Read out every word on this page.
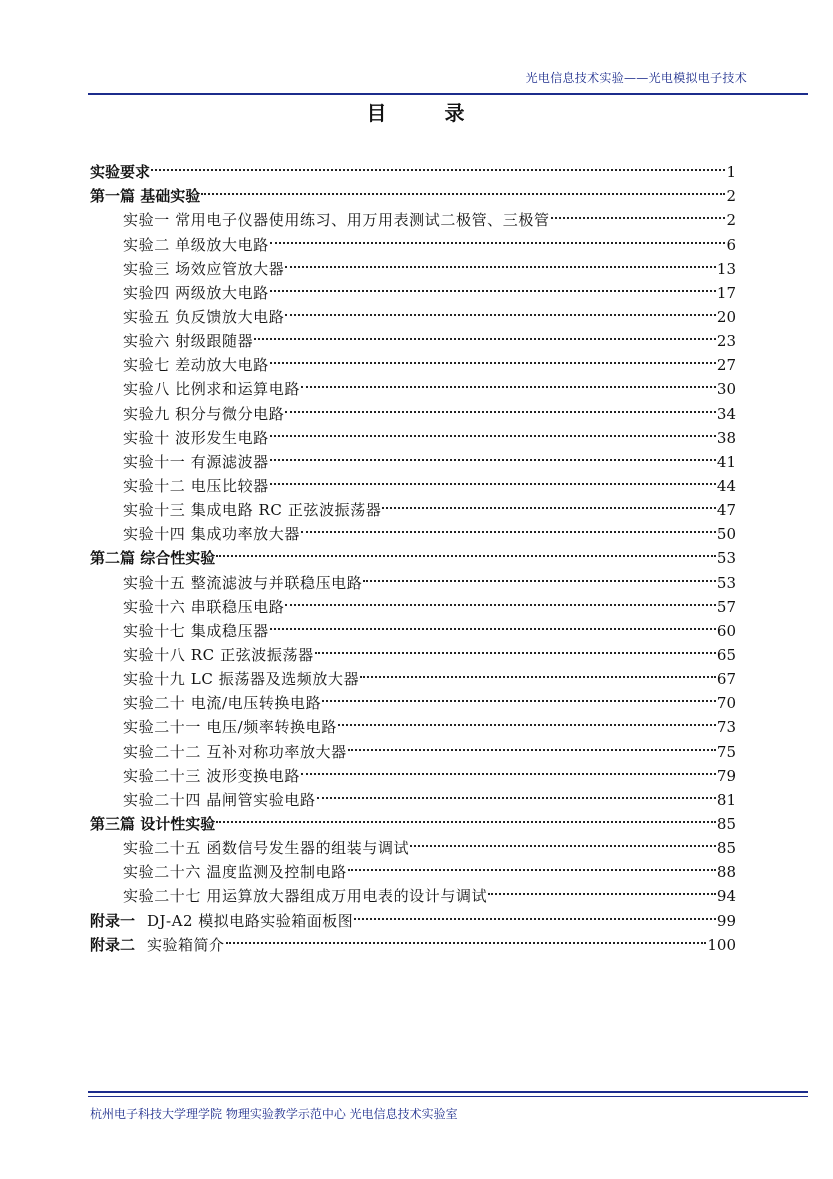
光电信息技术实验——光电模拟电子技术
目	录
实验要求	1
第一篇 基础实验	2
实验一 常用电子仪器使用练习、用万用表测试二极管、三极管	2
实验二 单级放大电路	6
实验三 场效应管放大器	13
实验四 两级放大电路	17
实验五 负反馈放大电路	20
实验六 射级跟随器	23
实验七 差动放大电路	27
实验八 比例求和运算电路	30
实验九 积分与微分电路	34
实验十 波形发生电路	38
实验十一 有源滤波器	41
实验十二 电压比较器	44
实验十三 集成电路 RC 正弦波振荡器	47
实验十四 集成功率放大器	50
第二篇 综合性实验	53
实验十五 整流滤波与并联稳压电路	53
实验十六 串联稳压电路	57
实验十七 集成稳压器	60
实验十八 RC 正弦波振荡器	65
实验十九 LC 振荡器及选频放大器	67
实验二十 电流/电压转换电路	70
实验二十一 电压/频率转换电路	73
实验二十二 互补对称功率放大器	75
实验二十三 波形变换电路	79
实验二十四 晶闸管实验电路	81
第三篇 设计性实验	85
实验二十五 函数信号发生器的组装与调试	85
实验二十六 温度监测及控制电路	88
实验二十七 用运算放大器组成万用电表的设计与调试	94
附录一 DJ-A2 模拟电路实验箱面板图	99
附录二 实验箱简介	100
杭州电子科技大学理学院 物理实验教学示范中心 光电信息技术实验室
